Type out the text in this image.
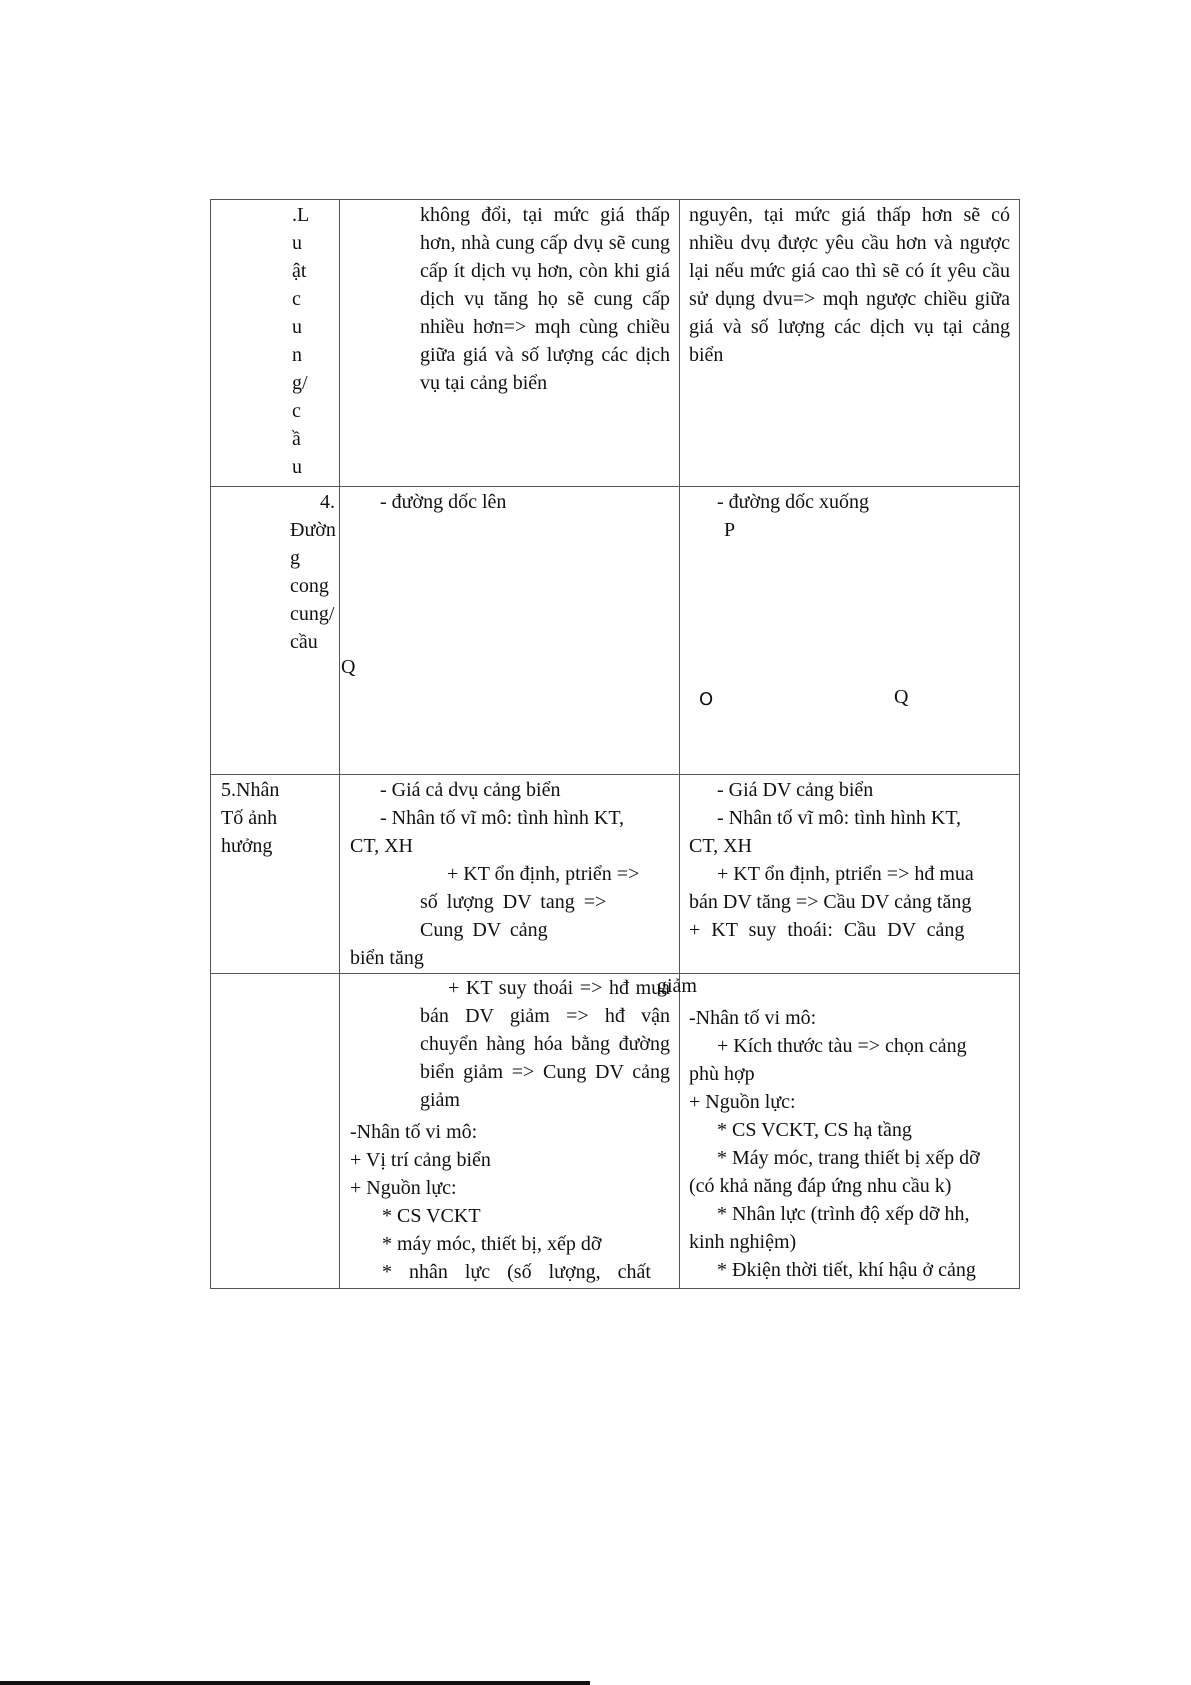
.L
u
ật
c
u
n
g/
c
ầ
u
không đổi, tại mức giá thấp hơn, nhà cung cấp dvụ sẽ cung cấp ít dịch vụ hơn, còn khi giá dịch vụ tăng họ sẽ cung cấp nhiều hơn=> mqh cùng chiều giữa giá và số lượng các dịch vụ tại cảng biển
nguyên, tại mức giá thấp hơn sẽ có nhiều dvụ được yêu cầu hơn và ngược lại nếu mức giá cao thì sẽ có ít yêu cầu sử dụng dvu=> mqh ngược chiều giữa giá và số lượng các dịch vụ tại cảng biển
4.
Đườn
g
cong
cung/
cầu
- đường dốc lên
Q
- đường dốc xuống
P
O	Q
5.Nhân
Tố ảnh
hưởng
- Giá cả dvụ cảng biển
- Nhân tố vĩ mô: tình hình KT,
CT, XH
+ KT ổn định, ptriển =>
số lượng DV tang =>
Cung DV cảng
biển tăng
- Giá DV cảng biển
- Nhân tố vĩ mô: tình hình KT,
CT, XH
+ KT ổn định, ptriển => hđ mua
bán DV tăng => Cầu DV cảng tăng
+ KT suy thoái: Cầu DV cảng
giảm
+ KT suy thoái => hđ mua bán DV giảm => hđ vận chuyển hàng hóa bằng đường biển giảm => Cung DV cảng giảm
-Nhân tố vi mô:
+ Vị trí cảng biển
+ Nguồn lực:
* CS VCKT
* máy móc, thiết bị, xếp dỡ
* nhân lực (số lượng, chất
-Nhân tố vi mô:
+ Kích thước tàu => chọn cảng
phù hợp
+ Nguồn lực:
* CS VCKT, CS hạ tầng
* Máy móc, trang thiết bị xếp dỡ
(có khả năng đáp ứng nhu cầu k)
* Nhân lực (trình độ xếp dỡ hh,
kinh nghiệm)
* Đkiện thời tiết, khí hậu ở cảng
